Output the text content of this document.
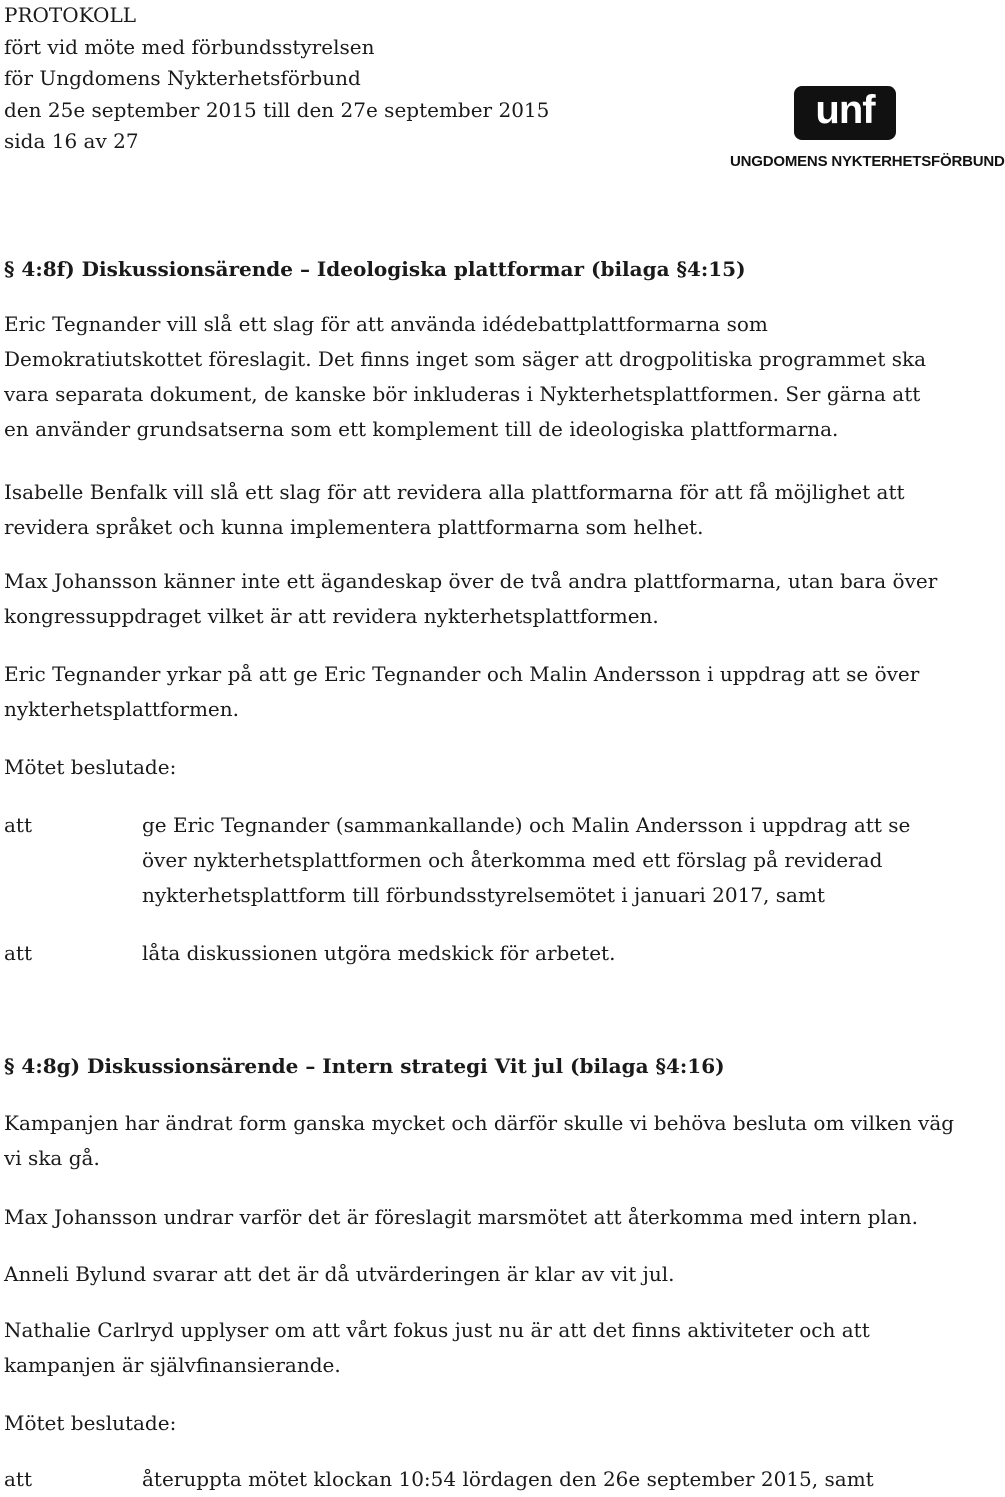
PROTOKOLL
fört vid möte med förbundsstyrelsen
för Ungdomens Nykterhetsförbund
den 25e september 2015 till den 27e september 2015
sida 16 av 27
unf
UNGDOMENS NYKTERHETSFÖRBUND
§ 4:8f) Diskussionsärende – Ideologiska plattformar (bilaga §4:15)
Eric Tegnander vill slå ett slag för att använda idédebattplattformarna som Demokratiutskottet föreslagit. Det finns inget som säger att drogpolitiska programmet ska vara separata dokument, de kanske bör inkluderas i Nykterhetsplattformen. Ser gärna att en använder grundsatserna som ett komplement till de ideologiska plattformarna.
Isabelle Benfalk vill slå ett slag för att revidera alla plattformarna för att få möjlighet att revidera språket och kunna implementera plattformarna som helhet.
Max Johansson känner inte ett ägandeskap över de två andra plattformarna, utan bara över kongressuppdraget vilket är att revidera nykterhetsplattformen.
Eric Tegnander yrkar på att ge Eric Tegnander och Malin Andersson i uppdrag att se över nykterhetsplattformen.
Mötet beslutade:
att	ge Eric Tegnander (sammankallande) och Malin Andersson i uppdrag att se över nykterhetsplattformen och återkomma med ett förslag på reviderad nykterhetsplattform till förbundsstyrelsemötet i januari 2017, samt
att	låta diskussionen utgöra medskick för arbetet.
§ 4:8g) Diskussionsärende – Intern strategi Vit jul (bilaga §4:16)
Kampanjen har ändrat form ganska mycket och därför skulle vi behöva besluta om vilken väg vi ska gå.
Max Johansson undrar varför det är föreslagit marsmötet att återkomma med intern plan.
Anneli Bylund svarar att det är då utvärderingen är klar av vit jul.
Nathalie Carlryd upplyser om att vårt fokus just nu är att det finns aktiviteter och att kampanjen är självfinansierande.
Mötet beslutade:
att	återuppta mötet klockan 10:54 lördagen den 26e september 2015, samt
